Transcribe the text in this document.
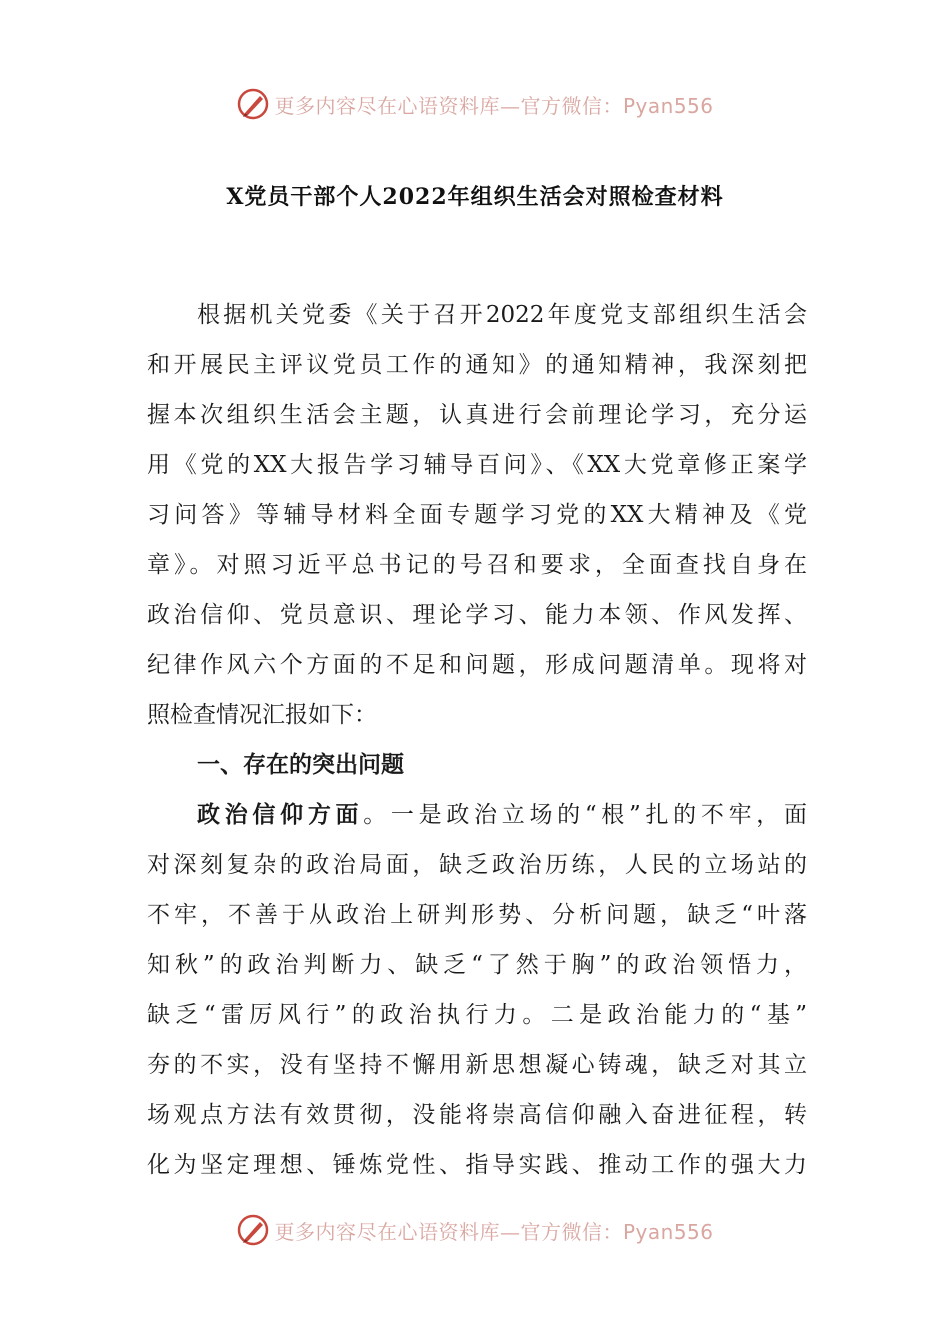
更多内容尽在心语资料库—官方微信：Pyan556
X党员干部个人2022年组织生活会对照检查材料
根据机关党委《关于召开2022年度党支部组织生活会
和开展民主评议党员工作的通知》的通知精神，我深刻把
握本次组织生活会主题，认真进行会前理论学习，充分运
用《党的XX大报告学习辅导百问》、《XX大党章修正案学
习问答》等辅导材料全面专题学习党的XX大精神及《党
章》。对照习近平总书记的号召和要求，全面查找自身在
政治信仰、党员意识、理论学习、能力本领、作风发挥、
纪律作风六个方面的不足和问题，形成问题清单。现将对
照检查情况汇报如下：
一、存在的突出问题
政治信仰方面。一是政治立场的“根”扎的不牢，面
对深刻复杂的政治局面，缺乏政治历练，人民的立场站的
不牢，不善于从政治上研判形势、分析问题，缺乏“叶落
知秋”的政治判断力、缺乏“了然于胸”的政治领悟力，
缺乏“雷厉风行”的政治执行力。二是政治能力的“基”
夯的不实，没有坚持不懈用新思想凝心铸魂，缺乏对其立
场观点方法有效贯彻，没能将崇高信仰融入奋进征程，转
化为坚定理想、锤炼党性、指导实践、推动工作的强大力
更多内容尽在心语资料库—官方微信：Pyan556
